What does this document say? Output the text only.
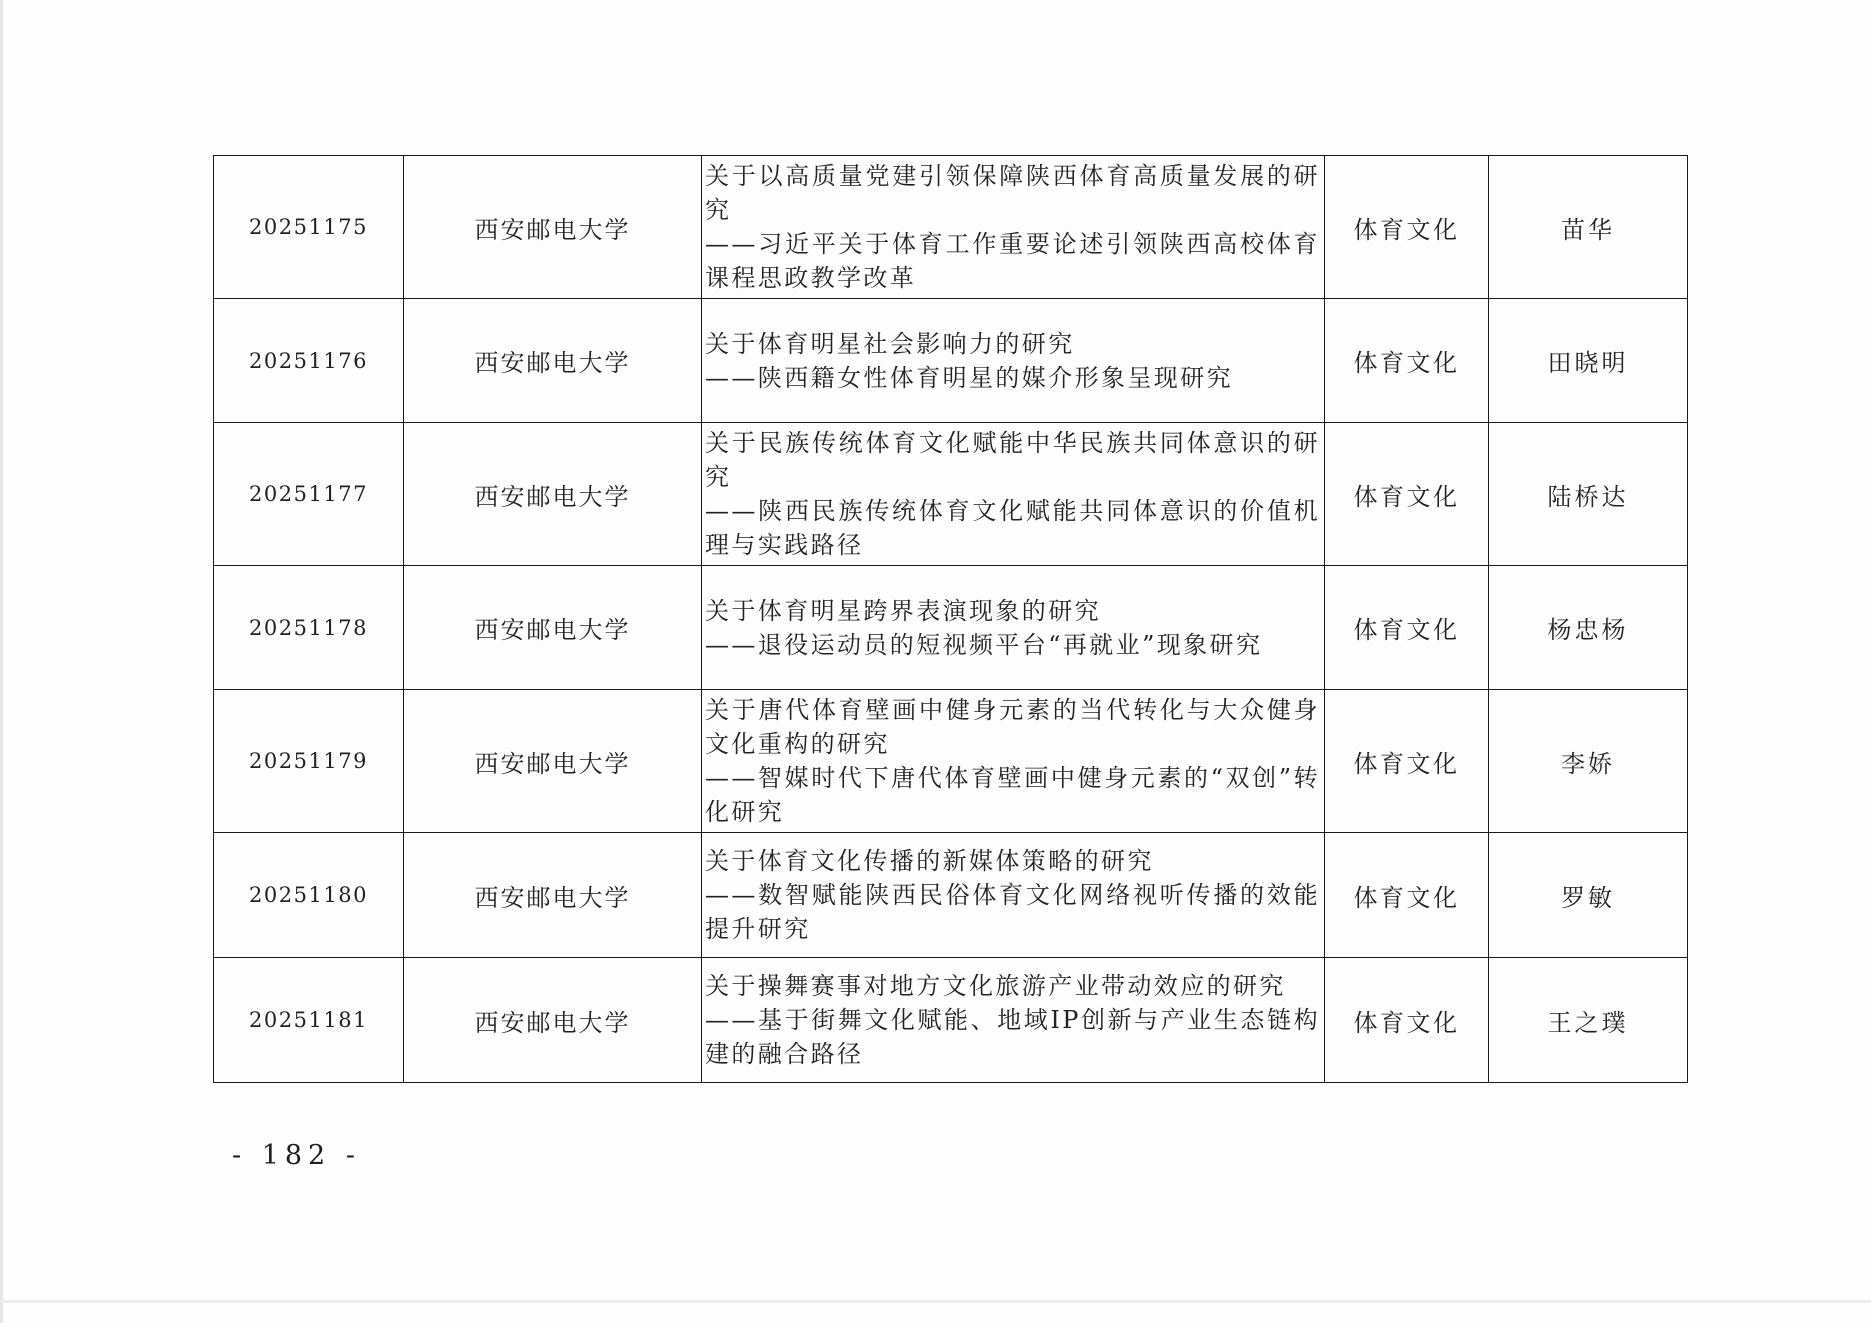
20251175	西安邮电大学	关于以高质量党建引领保障陕西体育高质量发展的研究
——习近平关于体育工作重要论述引领陕西高校体育课程思政教学改革	体育文化	苗华
20251176	西安邮电大学	关于体育明星社会影响力的研究
——陕西籍女性体育明星的媒介形象呈现研究	体育文化	田晓明
20251177	西安邮电大学	关于民族传统体育文化赋能中华民族共同体意识的研究
——陕西民族传统体育文化赋能共同体意识的价值机理与实践路径	体育文化	陆桥达
20251178	西安邮电大学	关于体育明星跨界表演现象的研究
——退役运动员的短视频平台“再就业”现象研究	体育文化	杨忠杨
20251179	西安邮电大学	关于唐代体育壁画中健身元素的当代转化与大众健身文化重构的研究
——智媒时代下唐代体育壁画中健身元素的“双创”转化研究	体育文化	李娇
20251180	西安邮电大学	关于体育文化传播的新媒体策略的研究
——数智赋能陕西民俗体育文化网络视听传播的效能提升研究	体育文化	罗敏
20251181	西安邮电大学	关于操舞赛事对地方文化旅游产业带动效应的研究
——基于街舞文化赋能、地域IP创新与产业生态链构建的融合路径	体育文化	王之璞
- 182 -
